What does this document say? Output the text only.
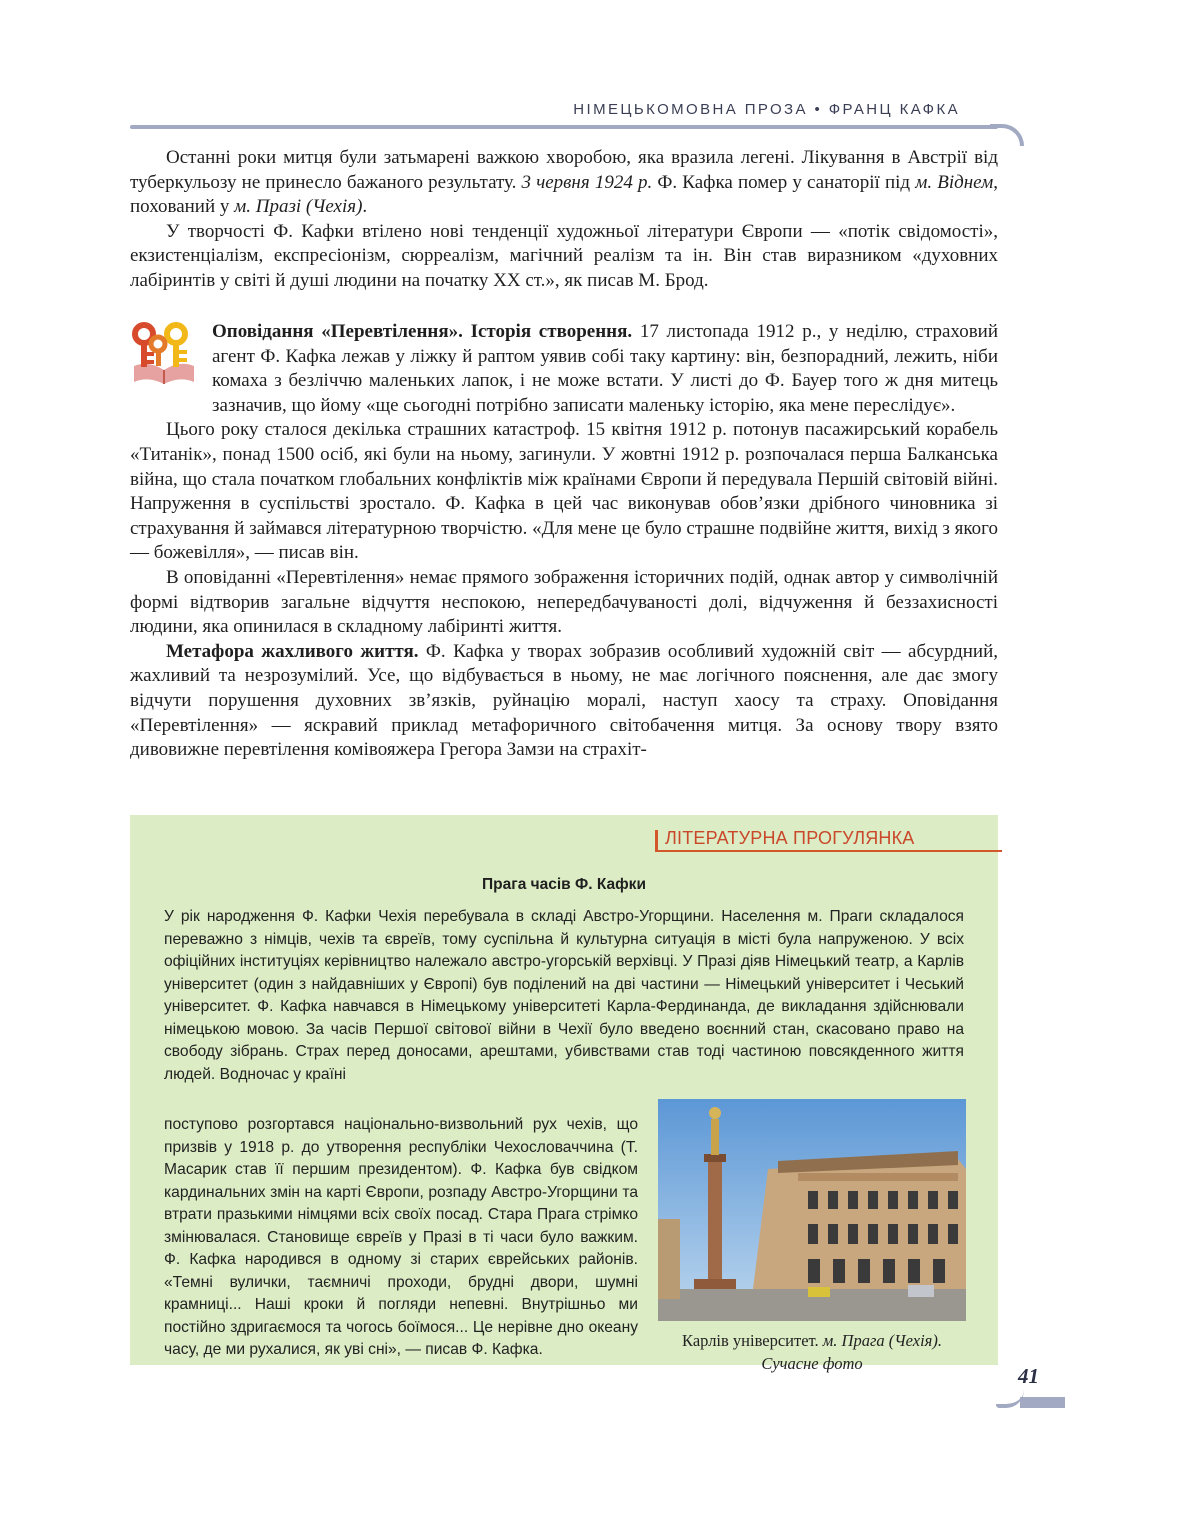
НІМЕЦЬКОМОВНА ПРОЗА • ФРАНЦ КАФКА

Останні роки митця були затьмарені важкою хворобою, яка вразила легені. Лікування в Австрії від туберкульозу не принесло бажаного результату. 3 червня 1924 р. Ф. Кафка помер у санаторії під м. Віднем, похований у м. Празі (Чехія).

У творчості Ф. Кафки втілено нові тенденції художньої літератури Європи — «потік свідомості», екзистенціалізм, експресіонізм, сюрреалізм, магічний реалізм та ін. Він став виразником «духовних лабіринтів у світі й душі людини на початку ХХ ст.», як писав М. Брод.

Оповідання «Перевтілення». Історія створення. 17 листопада 1912 р., у неділю, страховий агент Ф. Кафка лежав у ліжку й раптом уявив собі таку картину: він, безпорадний, лежить, ніби комаха з безліччю маленьких лапок, і не може встати. У листі до Ф. Бауер того ж дня митець зазначив, що йому «ще сьогодні потрібно записати маленьку історію, яка мене переслідує».

Цього року сталося декілька страшних катастроф. 15 квітня 1912 р. потонув пасажирський корабель «Титанік», понад 1500 осіб, які були на ньому, загинули. У жовтні 1912 р. розпочалася перша Балканська війна, що стала початком глобальних конфліктів між країнами Європи й передувала Першій світовій війні. Напруження в суспільстві зростало. Ф. Кафка в цей час виконував обов’язки дрібного чиновника зі страхування й займався літературною творчістю. «Для мене це було страшне подвійне життя, вихід з якого — божевілля», — писав він.

В оповіданні «Перевтілення» немає прямого зображення історичних подій, однак автор у символічній формі відтворив загальне відчуття неспокою, непередбачуваності долі, відчуження й беззахисності людини, яка опинилася в складному лабіринті життя.

Метафора жахливого життя. Ф. Кафка у творах зобразив особливий художній світ — абсурдний, жахливий та незрозумілий. Усе, що відбувається в ньому, не має логічного пояснення, але дає змогу відчути порушення духовних зв’язків, руйнацію моралі, наступ хаосу та страху. Оповідання «Перевтілення» — яскравий приклад метафоричного світобачення митця. За основу твору взято дивовижне перевтілення комівояжера Грегора Замзи на страхіт-

ЛІТЕРАТУРНА ПРОГУЛЯНКА
Прага часів Ф. Кафки

У рік народження Ф. Кафки Чехія перебувала в складі Австро-Угорщини. Населення м. Праги складалося переважно з німців, чехів та євреїв, тому суспільна й культурна ситуація в місті була напруженою. У всіх офіційних інституціях керівництво належало австро-угорській верхівці. У Празі діяв Німецький театр, а Карлів університет (один з найдавніших у Європі) був поділений на дві частини — Німецький університет і Чеський університет. Ф. Кафка навчався в Німецькому університеті Карла-Фердинанда, де викладання здійснювали німецькою мовою. За часів Першої світової війни в Чехії було введено воєнний стан, скасовано право на свободу зібрань. Страх перед доносами, арештами, убивствами став тоді частиною повсякденного життя людей. Водночас у країні

поступово розгортався національно-визвольний рух чехів, що призвів у 1918 р. до утворення республіки Чехословаччина (Т. Масарик став її першим президентом). Ф. Кафка був свідком кардинальних змін на карті Європи, розпаду Австро-Угорщини та втрати празькими німцями всіх своїх посад. Стара Прага стрімко змінювалася. Становище євреїв у Празі в ті часи було важким. Ф. Кафка народився в одному зі старих єврейських районів. «Темні вулички, таємничі проходи, брудні двори, шумні крамниці... Наші кроки й погляди непевні. Внутрішньо ми постійно здригаємося та чогось боїмося... Це нерівне дно океану часу, де ми рухалися, як уві сні», — писав Ф. Кафка.	Карлів університет. м. Прага (Чехія). Сучасне фото
41
